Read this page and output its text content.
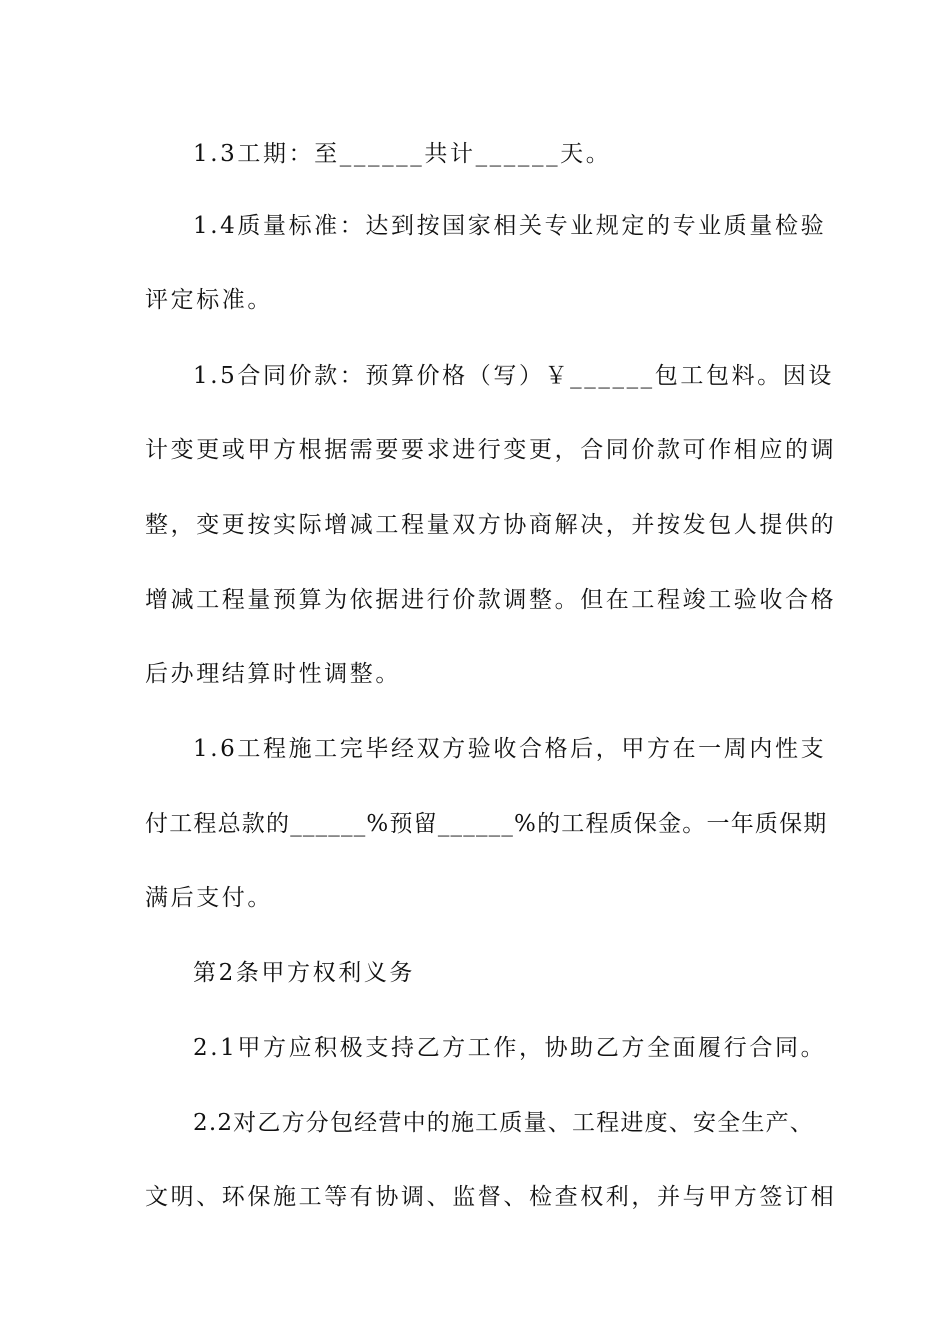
1.3工期：至______共计______天。
1.4质量标准：达到按国家相关专业规定的专业质量检验
评定标准。
1.5合同价款：预算价格（写）￥______包工包料。因设
计变更或甲方根据需要要求进行变更，合同价款可作相应的调
整，变更按实际增减工程量双方协商解决，并按发包人提供的
增减工程量预算为依据进行价款调整。但在工程竣工验收合格
后办理结算时性调整。
1.6工程施工完毕经双方验收合格后，甲方在一周内性支
付工程总款的______%预留______%的工程质保金。一年质保期
满后支付。
第2条甲方权利义务
2.1甲方应积极支持乙方工作，协助乙方全面履行合同。
2.2对乙方分包经营中的施工质量、工程进度、安全生产、
文明、环保施工等有协调、监督、检查权利，并与甲方签订相
